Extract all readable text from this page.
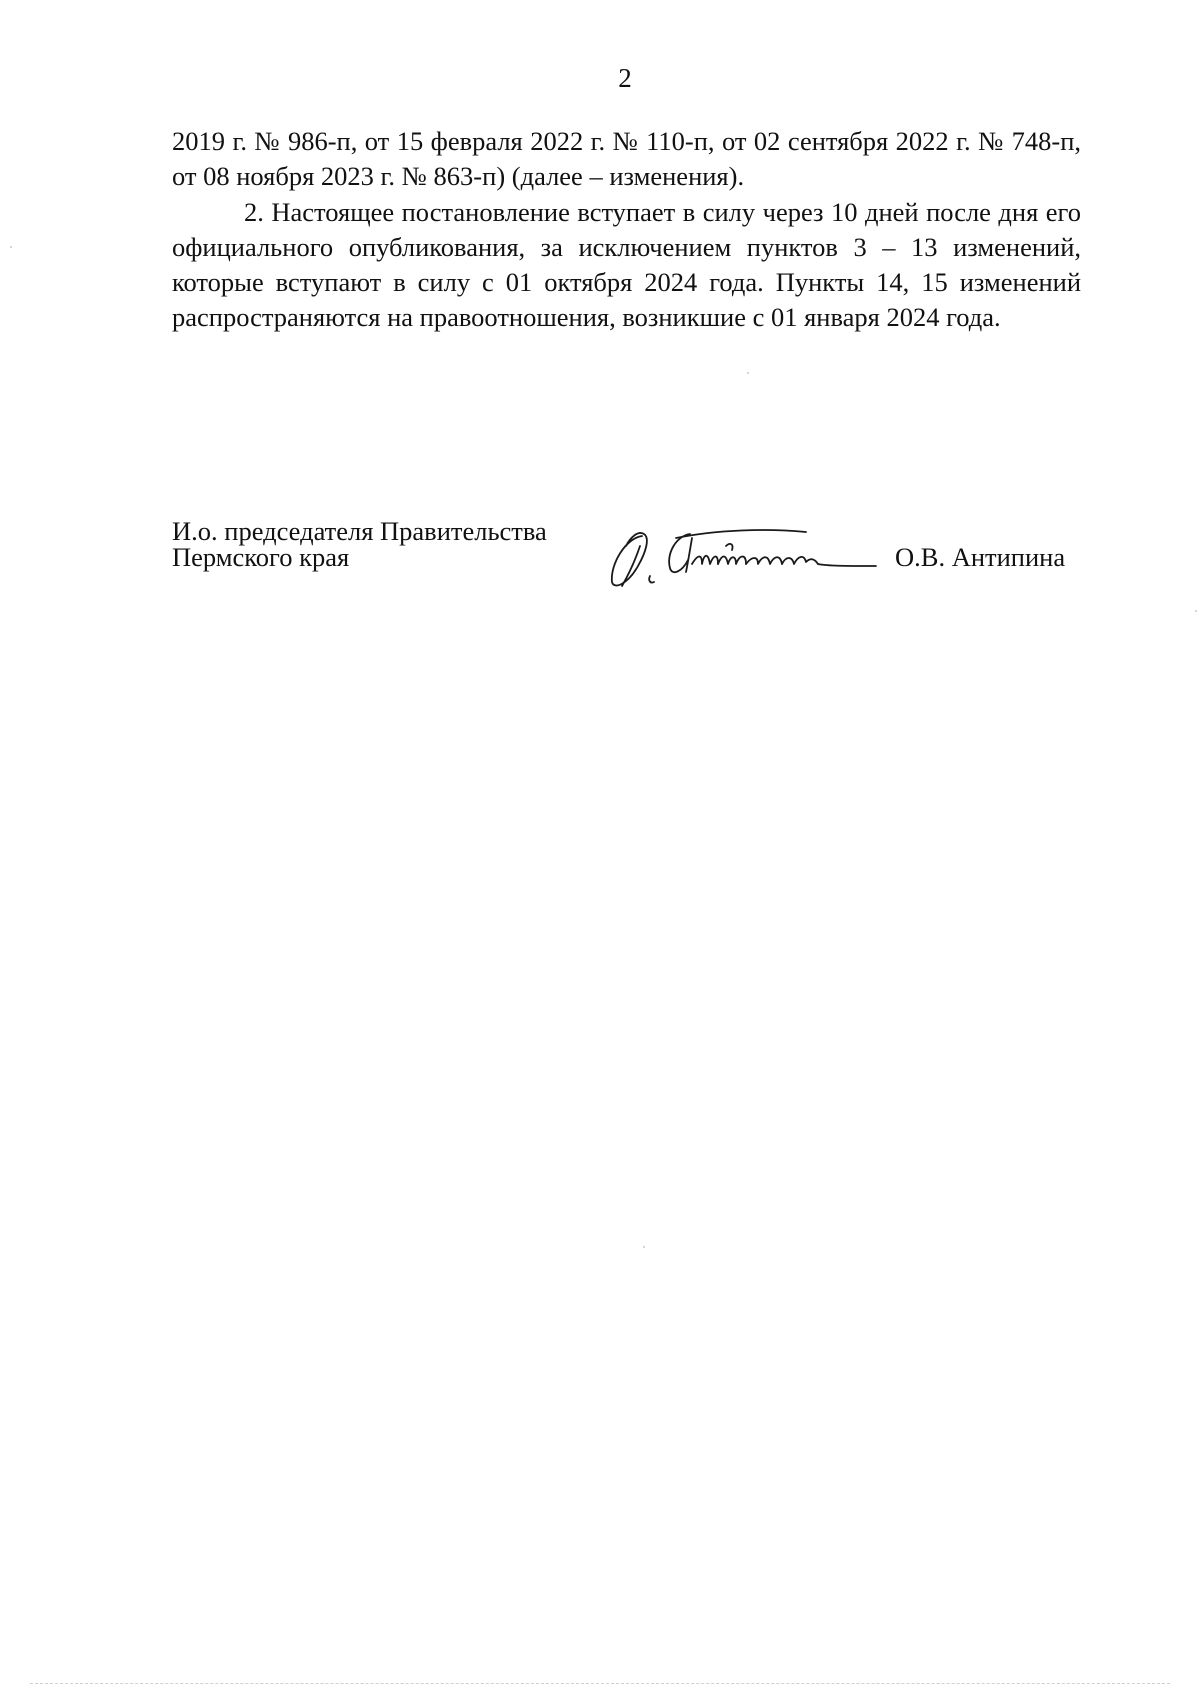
2

2019 г. № 986-п, от 15 февраля 2022 г. № 110-п, от 02 сентября 2022 г. № 748-п, от 08 ноября 2023 г. № 863-п) (далее – изменения).

2. Настоящее постановление вступает в силу через 10 дней после дня его официального опубликования, за исключением пунктов 3 – 13 изменений, которые вступают в силу с 01 октября 2024 года. Пункты 14, 15 изменений распространяются на правоотношения, возникшие с 01 января 2024 года.

И.о. председателя Правительства
Пермского края	О.В. Антипина
